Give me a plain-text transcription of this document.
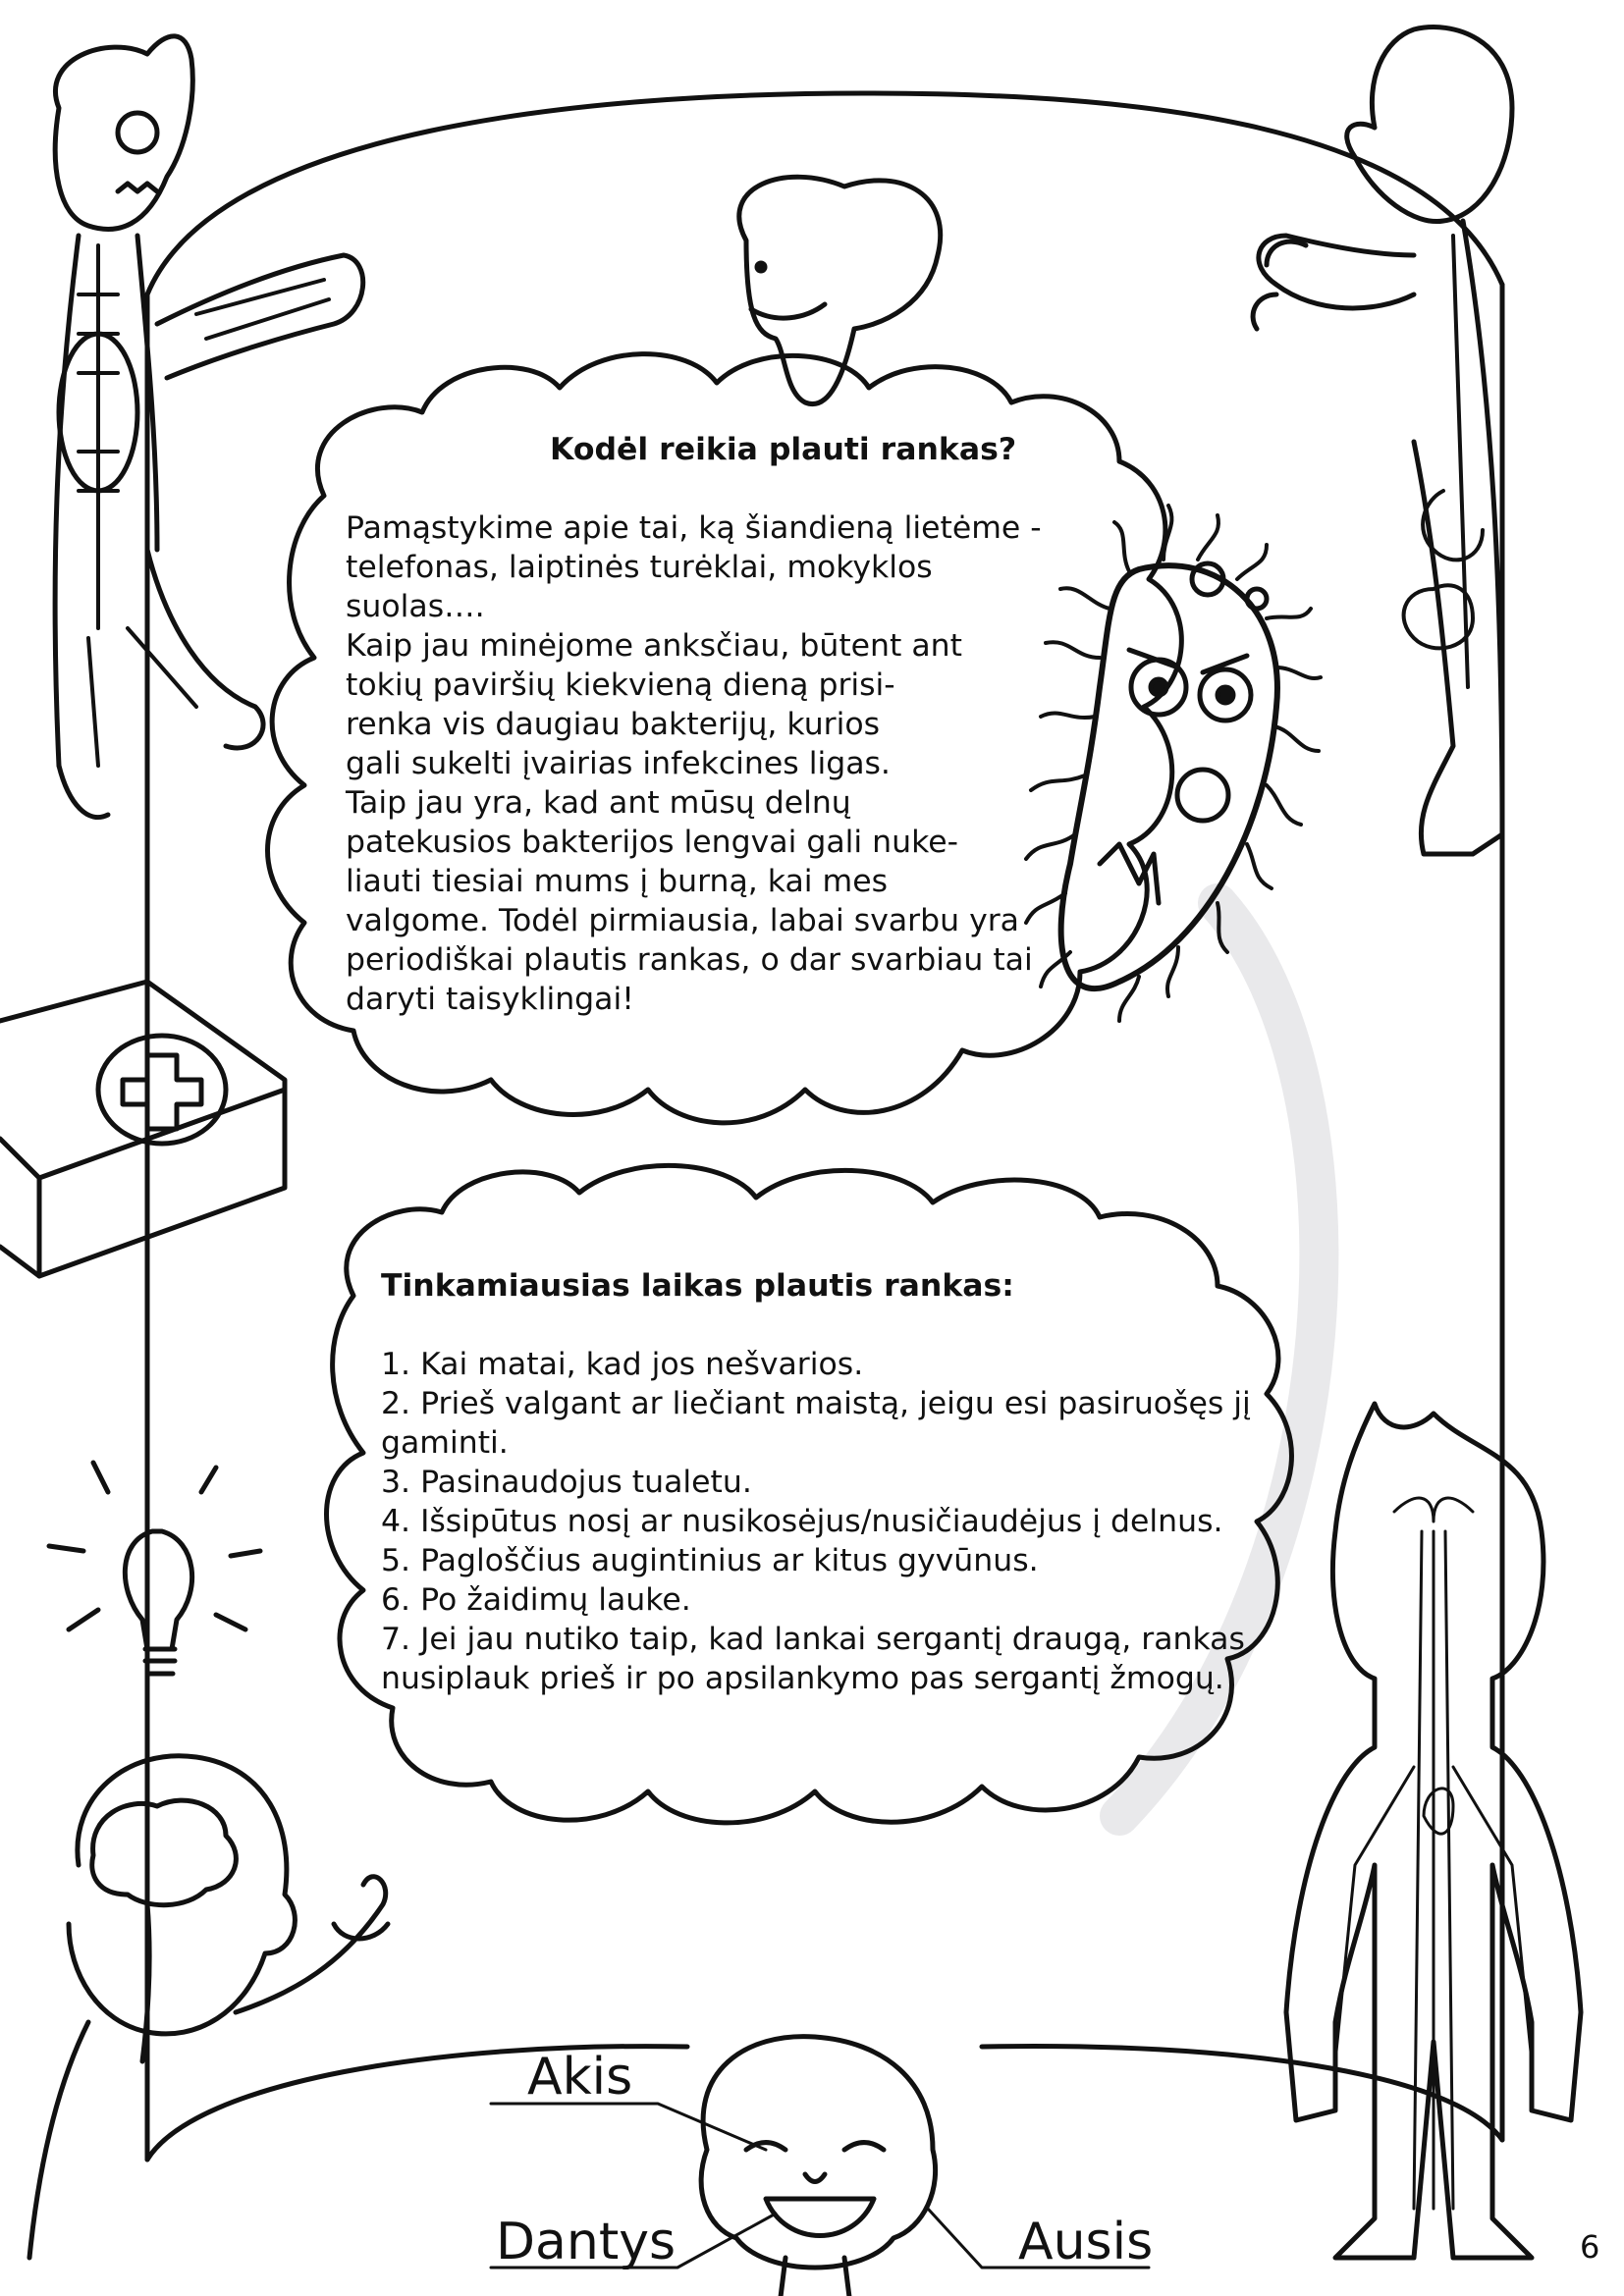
Kodėl reikia plauti rankas?
Pamąstykime apie tai, ką šiandieną lietėme -
telefonas, laiptinės turėklai, mokyklos
suolas….
Kaip jau minėjome anksčiau, būtent ant
tokių paviršių kiekvieną dieną prisi-
renka vis daugiau bakterijų, kurios
gali sukelti įvairias infekcines ligas.
Taip jau yra, kad ant mūsų delnų
patekusios bakterijos lengvai gali nuke-
liauti tiesiai mums į burną, kai mes
valgome. Todėl pirmiausia, labai svarbu yra
periodiškai plautis rankas, o dar svarbiau tai
daryti taisyklingai!
Tinkamiausias laikas plautis rankas:
1. Kai matai, kad jos nešvarios.
2. Prieš valgant ar liečiant maistą, jeigu esi pasiruošęs jį
gaminti.
3. Pasinaudojus tualetu.
4. Išsipūtus nosį ar nusikosėjus/nusičiaudėjus į delnus.
5. Pagloščius augintinius ar kitus gyvūnus.
6. Po žaidimų lauke.
7. Jei jau nutiko taip, kad lankai sergantį draugą, rankas
nusiplauk prieš ir po apsilankymo pas sergantį žmogų.
Akis
Dantys	Ausis	6
